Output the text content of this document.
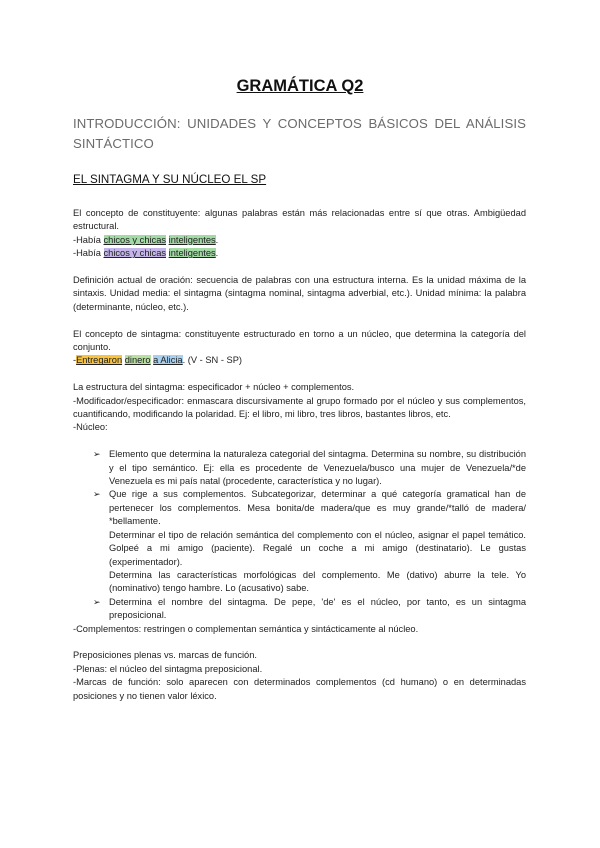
GRAMÁTICA Q2
INTRODUCCIÓN: UNIDADES Y CONCEPTOS BÁSICOS DEL ANÁLISIS SINTÁCTICO
EL SINTAGMA Y SU NÚCLEO EL SP

El concepto de constituyente: algunas palabras están más relacionadas entre sí que otras. Ambigüedad estructural.
-Había chicos y chicas inteligentes.
-Había chicos y chicas inteligentes.

Definición actual de oración: secuencia de palabras con una estructura interna. Es la unidad máxima de la sintaxis. Unidad media: el sintagma (sintagma nominal, sintagma adverbial, etc.). Unidad mínima: la palabra (determinante, núcleo, etc.).

El concepto de sintagma: constituyente estructurado en torno a un núcleo, que determina la categoría del conjunto.
-Entregaron dinero a Alicia. (V - SN - SP)

La estructura del sintagma: especificador + núcleo + complementos.
-Modificador/especificador: enmascara discursivamente al grupo formado por el núcleo y sus complementos, cuantificando, modificando la polaridad. Ej: el libro, mi libro, tres libros, bastantes libros, etc.
-Núcleo:

➢ Elemento que determina la naturaleza categorial del sintagma. Determina su nombre, su distribución y el tipo semántico. Ej: ella es procedente de Venezuela/busco una mujer de Venezuela/*de Venezuela es mi país natal (procedente, característica y no lugar).
➢ Que rige a sus complementos. Subcategorizar, determinar a qué categoría gramatical han de pertenecer los complementos. Mesa bonita/de madera/que es muy grande/*talló de madera/ *bellamente.
Determinar el tipo de relación semántica del complemento con el núcleo, asignar el papel temático. Golpeé a mi amigo (paciente). Regalé un coche a mi amigo (destinatario). Le gustas (experimentador).
Determina las características morfológicas del complemento. Me (dativo) aburre la tele. Yo (nominativo) tengo hambre. Lo (acusativo) sabe.
➢ Determina el nombre del sintagma. De pepe, 'de' es el núcleo, por tanto, es un sintagma preposicional.
-Complementos: restringen o complementan semántica y sintácticamente al núcleo.

Preposiciones plenas vs. marcas de función.
-Plenas: el núcleo del sintagma preposicional.
-Marcas de función: solo aparecen con determinados complementos (cd humano) o en determinadas posiciones y no tienen valor léxico.
